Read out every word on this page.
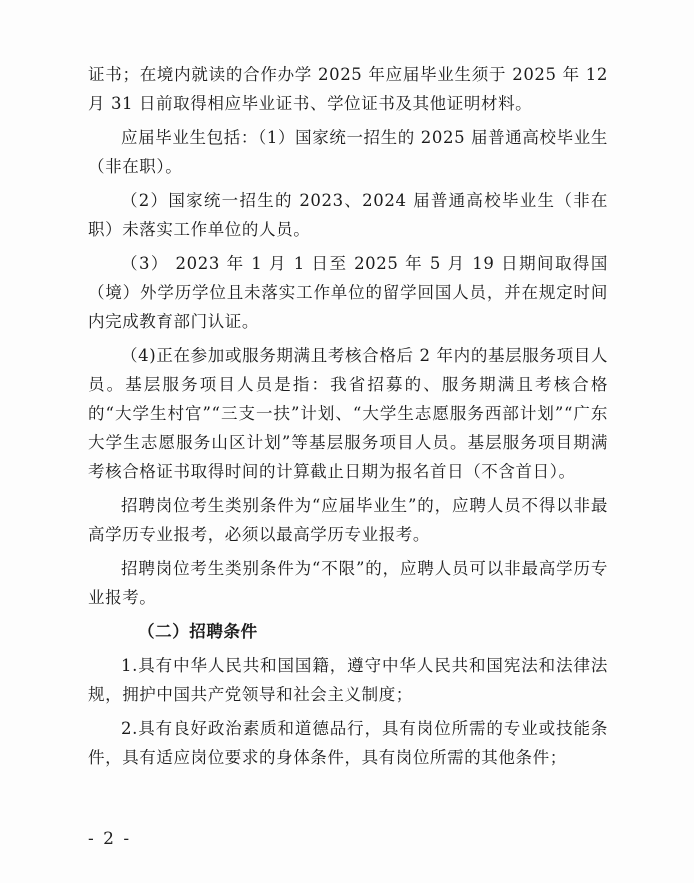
证书；在境内就读的合作办学 2025 年应届毕业生须于 2025 年 12 月 31 日前取得相应毕业证书、学位证书及其他证明材料。

应届毕业生包括：（1）国家统一招生的 2025 届普通高校毕业生（非在职）。

（2）国家统一招生的 2023、2024 届普通高校毕业生（非在职）未落实工作单位的人员。

（3） 2023 年 1 月 1 日至 2025 年 5 月 19 日期间取得国（境）外学历学位且未落实工作单位的留学回国人员，并在规定时间内完成教育部门认证。

（4)正在参加或服务期满且考核合格后 2 年内的基层服务项目人员。基层服务项目人员是指：我省招募的、服务期满且考核合格的“大学生村官”“三支一扶”计划、“大学生志愿服务西部计划”“广东大学生志愿服务山区计划”等基层服务项目人员。基层服务项目期满考核合格证书取得时间的计算截止日期为报名首日（不含首日）。

招聘岗位考生类别条件为“应届毕业生”的，应聘人员不得以非最高学历专业报考，必须以最高学历专业报考。

招聘岗位考生类别条件为“不限”的，应聘人员可以非最高学历专业报考。

（二）招聘条件

1.具有中华人民共和国国籍，遵守中华人民共和国宪法和法律法规，拥护中国共产党领导和社会主义制度；

2.具有良好政治素质和道德品行，具有岗位所需的专业或技能条件，具有适应岗位要求的身体条件，具有岗位所需的其他条件；

- 2 -
